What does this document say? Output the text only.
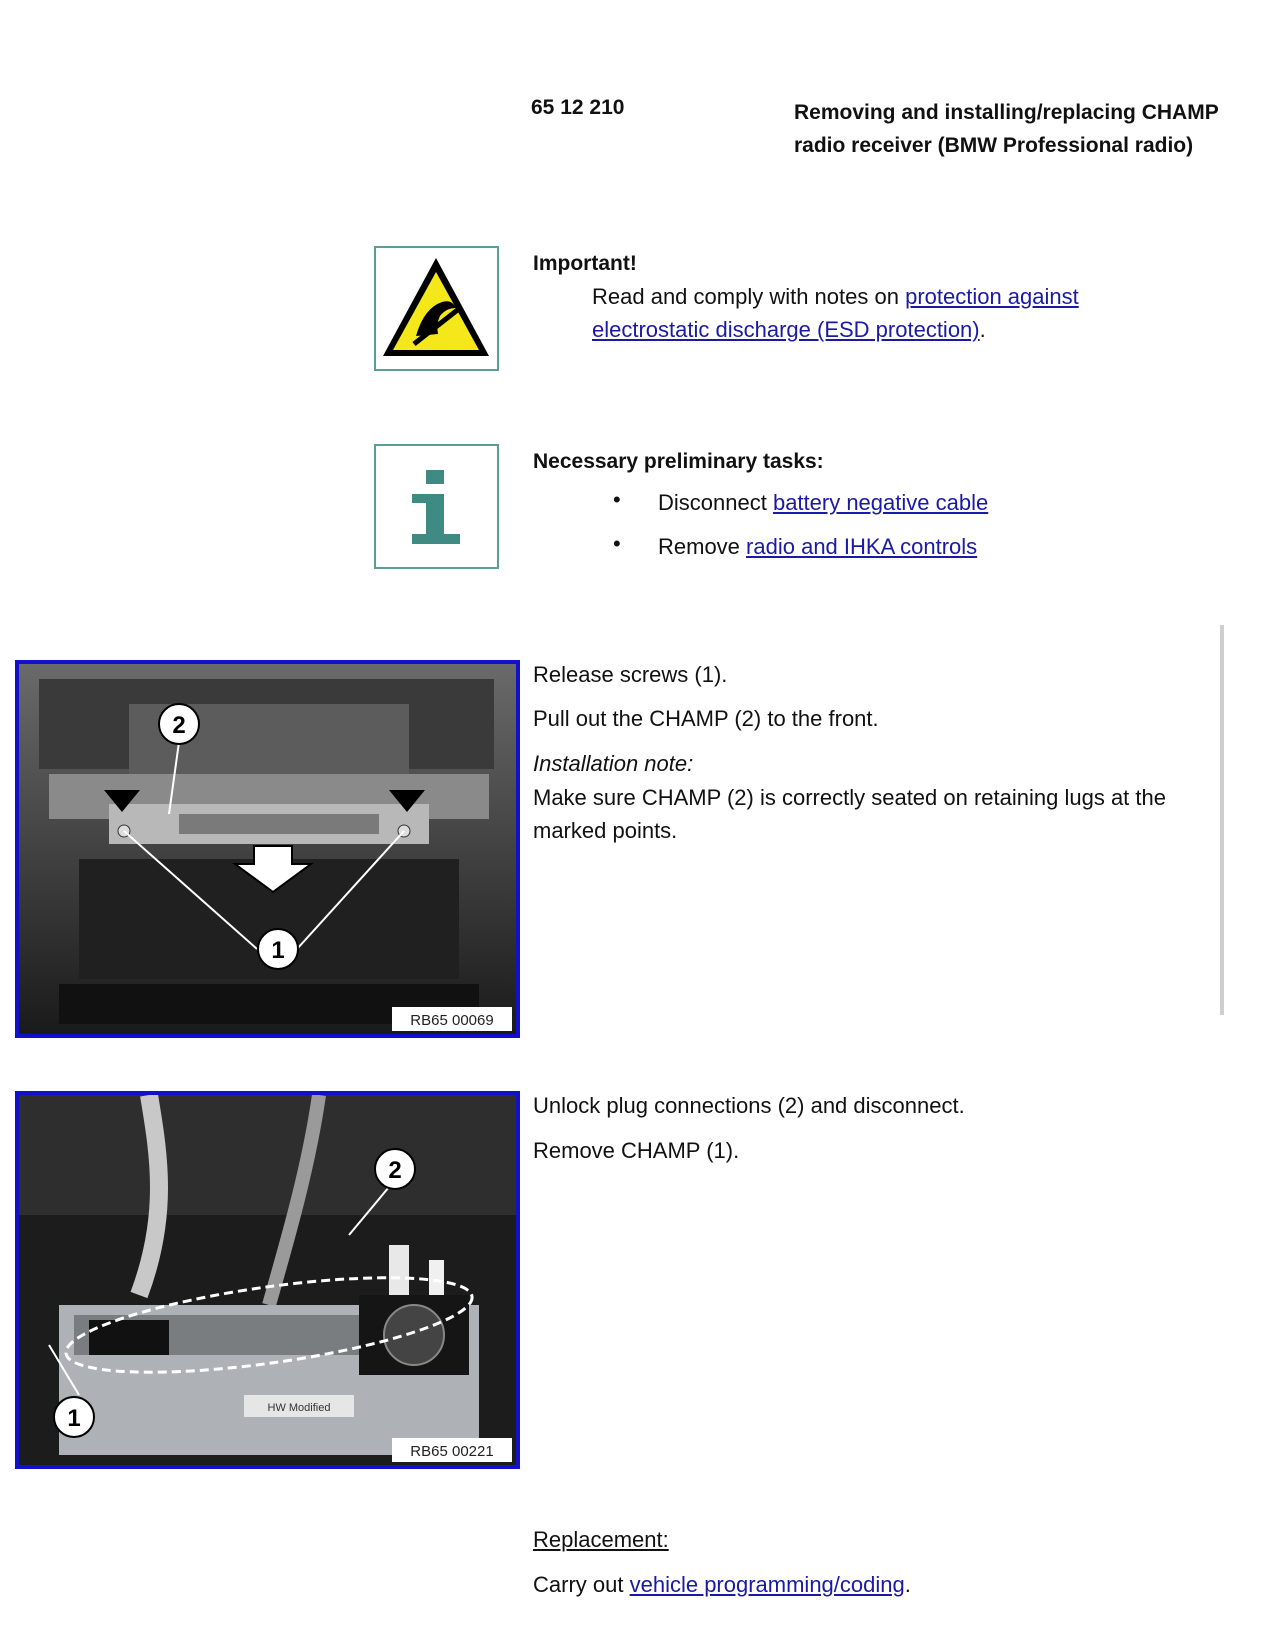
65 12 210	Removing and installing/replacing CHAMP radio receiver (BMW Professional radio)
Important!
Read and comply with notes on protection against electrostatic discharge (ESD protection).
Necessary preliminary tasks:
• Disconnect battery negative cable
• Remove radio and IHKA controls
2
1
RB65 00069
Release screws (1).
Pull out the CHAMP (2) to the front.
Installation note:
Make sure CHAMP (2) is correctly seated on retaining lugs at the marked points.
HW Modified
2
1
RB65 00221
Unlock plug connections (2) and disconnect.
Remove CHAMP (1).
Replacement:
Carry out vehicle programming/coding.
